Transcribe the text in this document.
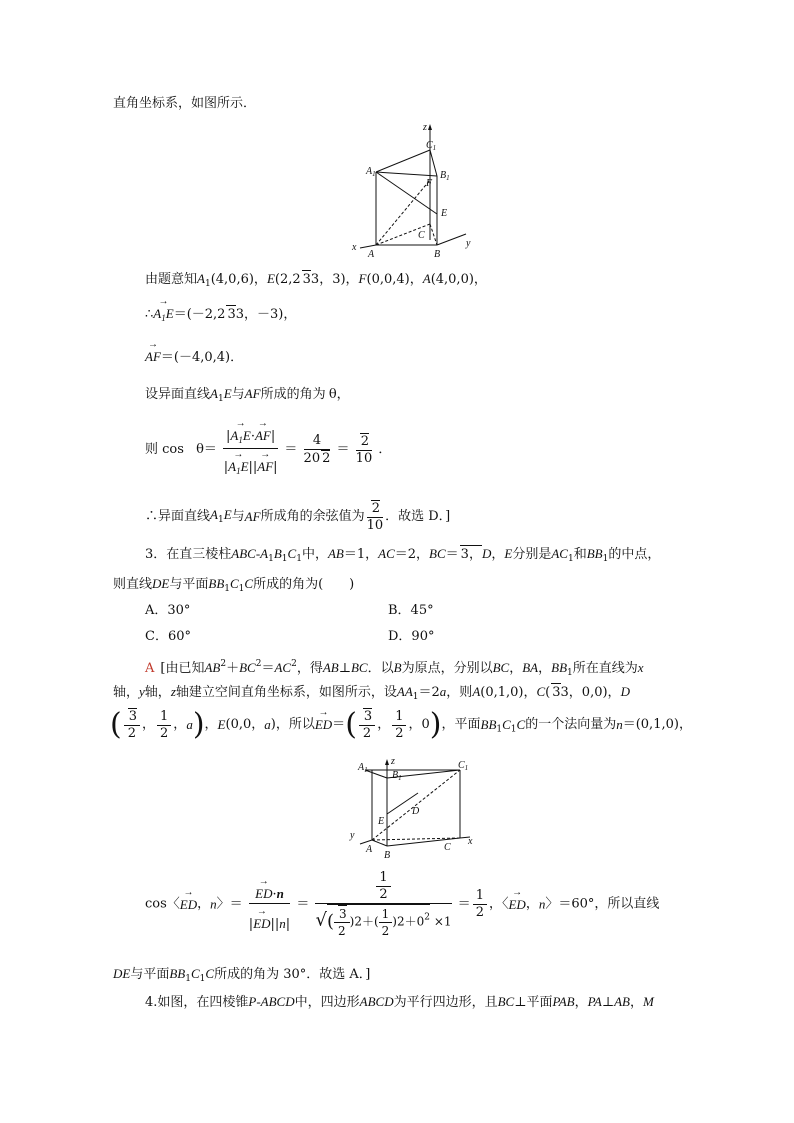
直角坐标系，如图所示．
z
x	y
$A_1$
$C_1$
$B_1$
F
E
A	B
C
由题意知$A_1(4,0,6)$，E(2,2 33，3)，F(0,0,4)，A(4,0,0)，
∴→ $A_1E=(-2,2$ 33，－3)，
→ AF＝(－4,0,4)．
设异面直线$A_1E$与AF所成的角为 θ，
则 $\cos \theta= \frac{|\to A_1E\cdot\to AF|}{|\to A_1E||\to AF|} = \frac{4}{20 2} = \frac{2}{10}$ ．
∴异面直线$A_1E$与AF所成角的余弦值为 $\frac{2}{10}$ ．故选 D．]
3．在直三棱柱ABC-$A_1B_1C_1$中，AB＝1，AC＝2，BC＝ 3，D，E分别是$AC_1$和$BB_1$的中点，
则直线DE与平面$BB_1C_1C$所成的角为(　　)
A．30°	B．45°
C．60°	D．90°
A [由已知$AB^2+BC^2=AC^2$，得AB⊥BC．以B为原点，分别以BC，BA，$BB_1$所在直线为x
轴，y轴，z轴建立空间直角坐标系，如图所示，设$AA_1=2a$，则A(0,1,0)，C( 33，0,0)，D
( $\frac{3}{2}$ ， $\frac{1}{2}$ ，a)，E(0,0，a)，所以→ $ED=( \frac{3}{2}$ ， $\frac{1}{2}$ ，0)，平面$BB_1C_1C$的一个法向量为n＝(0,1,0)，
z
y
x
$A_1$ $B_1$
$C_1$
D
E
A
B
C
cos〈→ ED，n〉＝
→ $\frac{ED\cdot n}{|\to ED||n|} = \frac{\frac{1}{2}}{√( \frac{3}{2} )2+( \frac{1}{2} )2+0^2 \times 1} = \frac{1}{2}$ ，〈→ ED，n〉＝60°，所以直线
DE与平面$BB_1C_1C$所成的角为 30°．故选 A．]
4.如图，在四棱锥P-ABCD中，四边形ABCD为平行四边形，且BC⊥平面PAB，PA⊥AB，M
